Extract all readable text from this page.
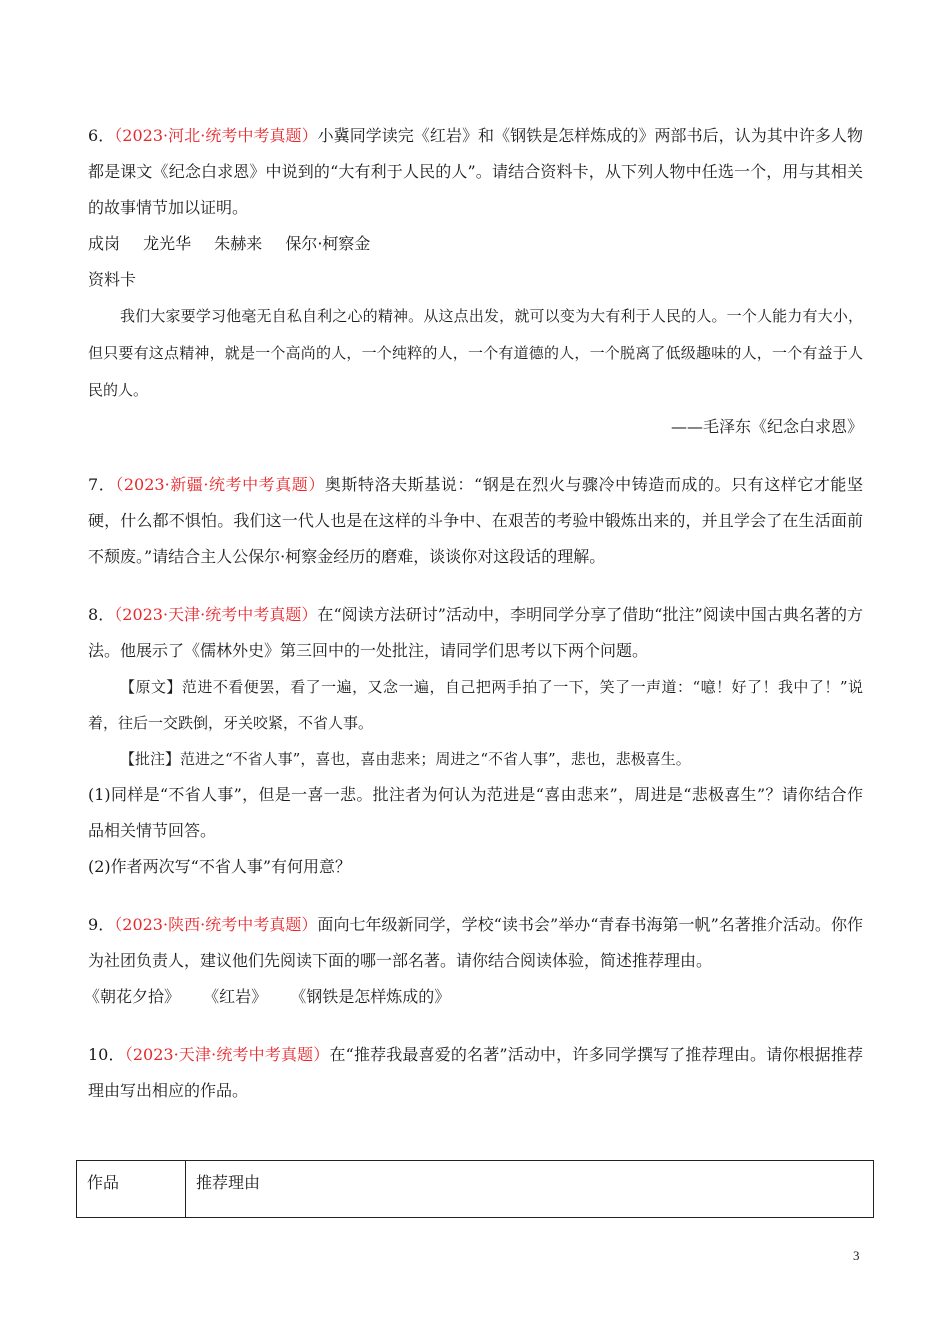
6．（2023·河北·统考中考真题）小冀同学读完《红岩》和《钢铁是怎样炼成的》两部书后，认为其中许多人物都是课文《纪念白求恩》中说到的“大有利于人民的人”。请结合资料卡，从下列人物中任选一个，用与其相关的故事情节加以证明。

成岗 龙光华 朱赫来 保尔·柯察金

资料卡

我们大家要学习他毫无自私自利之心的精神。从这点出发，就可以变为大有利于人民的人。一个人能力有大小，但只要有这点精神，就是一个高尚的人，一个纯粹的人，一个有道德的人，一个脱离了低级趣味的人，一个有益于人民的人。

——毛泽东《纪念白求恩》

7．（2023·新疆·统考中考真题）奥斯特洛夫斯基说：“钢是在烈火与骤冷中铸造而成的。只有这样它才能坚硬，什么都不惧怕。我们这一代人也是在这样的斗争中、在艰苦的考验中锻炼出来的，并且学会了在生活面前不颓废。”请结合主人公保尔·柯察金经历的磨难，谈谈你对这段话的理解。

8．（2023·天津·统考中考真题）在“阅读方法研讨”活动中，李明同学分享了借助“批注”阅读中国古典名著的方法。他展示了《儒林外史》第三回中的一处批注，请同学们思考以下两个问题。

【原文】范进不看便罢，看了一遍，又念一遍，自己把两手拍了一下，笑了一声道：“噫！好了！我中了！”说着，往后一交跌倒，牙关咬紧，不省人事。

【批注】范进之“不省人事”，喜也，喜由悲来；周进之“不省人事”，悲也，悲极喜生。

(1)同样是“不省人事”，但是一喜一悲。批注者为何认为范进是“喜由悲来”，周进是“悲极喜生”？请你结合作品相关情节回答。

(2)作者两次写“不省人事”有何用意？

9．（2023·陕西·统考中考真题）面向七年级新同学，学校“读书会”举办“青春书海第一帆”名著推介活动。你作为社团负责人，建议他们先阅读下面的哪一部名著。请你结合阅读体验，简述推荐理由。

《朝花夕拾》 《红岩》 《钢铁是怎样炼成的》

10．（2023·天津·统考中考真题）在“推荐我最喜爱的名著”活动中，许多同学撰写了推荐理由。请你根据推荐理由写出相应的作品。

作品	推荐理由
3
